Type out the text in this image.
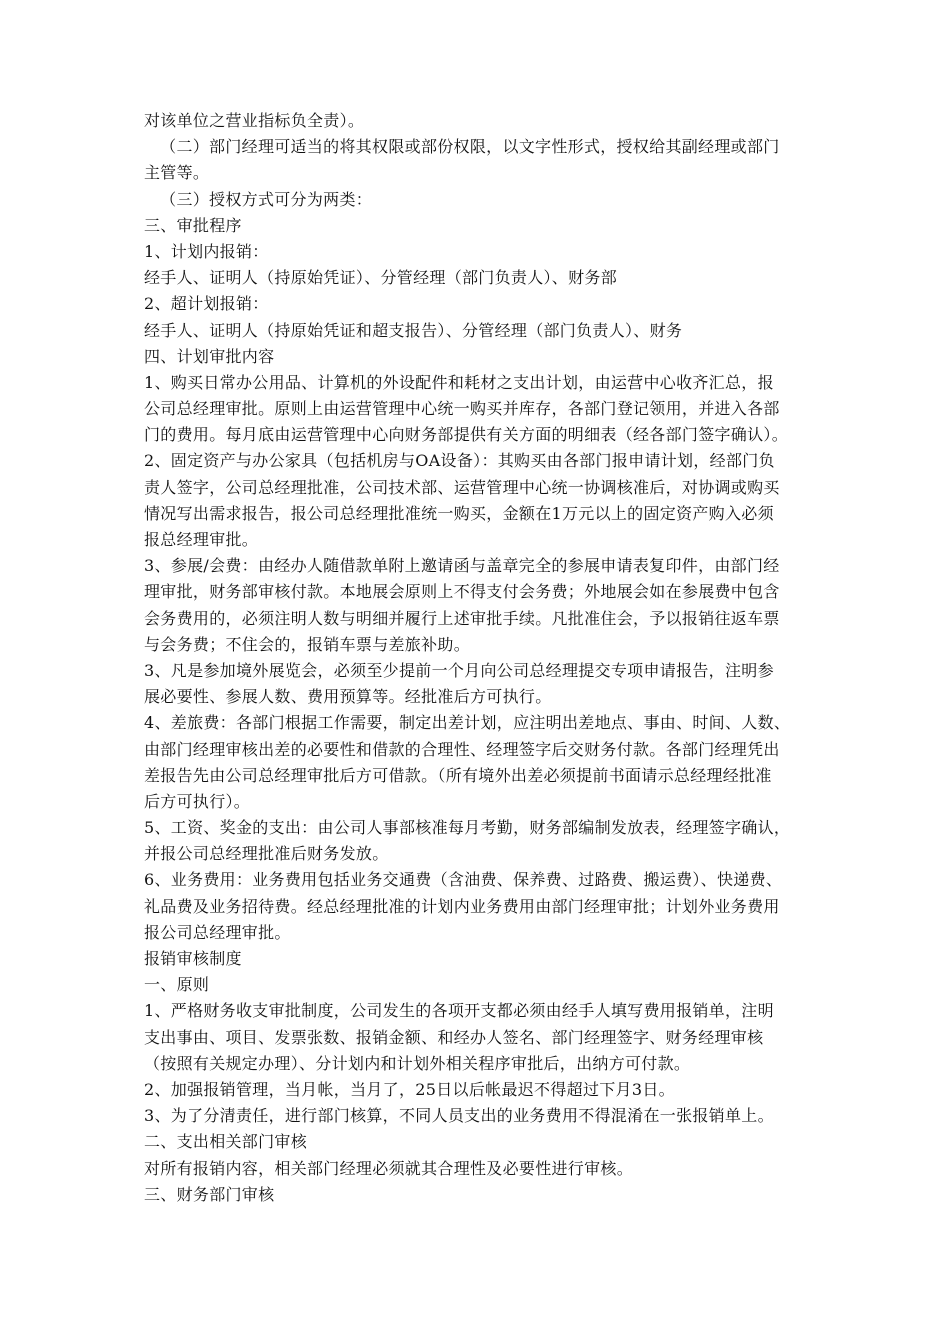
对该单位之营业指标负全责）。
（二）部门经理可适当的将其权限或部份权限，以文字性形式，授权给其副经理或部门
主管等。
（三）授权方式可分为两类：
三、审批程序
1、计划内报销：
经手人、证明人（持原始凭证）、分管经理（部门负责人）、财务部
2、超计划报销：
经手人、证明人（持原始凭证和超支报告）、分管经理（部门负责人）、财务
四、计划审批内容
1、购买日常办公用品、计算机的外设配件和耗材之支出计划，由运营中心收齐汇总，报
公司总经理审批。原则上由运营管理中心统一购买并库存，各部门登记领用，并进入各部
门的费用。每月底由运营管理中心向财务部提供有关方面的明细表（经各部门签字确认）。
2、固定资产与办公家具（包括机房与OA设备）：其购买由各部门报申请计划，经部门负
责人签字，公司总经理批准，公司技术部、运营管理中心统一协调核准后，对协调或购买
情况写出需求报告，报公司总经理批准统一购买，金额在1万元以上的固定资产购入必须
报总经理审批。
3、参展/会费：由经办人随借款单附上邀请函与盖章完全的参展申请表复印件，由部门经
理审批，财务部审核付款。本地展会原则上不得支付会务费；外地展会如在参展费中包含
会务费用的，必须注明人数与明细并履行上述审批手续。凡批准住会，予以报销往返车票
与会务费；不住会的，报销车票与差旅补助。
3、凡是参加境外展览会，必须至少提前一个月向公司总经理提交专项申请报告，注明参
展必要性、参展人数、费用预算等。经批准后方可执行。
4、差旅费：各部门根据工作需要，制定出差计划，应注明出差地点、事由、时间、人数、
由部门经理审核出差的必要性和借款的合理性、经理签字后交财务付款。各部门经理凭出
差报告先由公司总经理审批后方可借款。（所有境外出差必须提前书面请示总经理经批准
后方可执行）。
5、工资、奖金的支出：由公司人事部核准每月考勤，财务部编制发放表，经理签字确认，
并报公司总经理批准后财务发放。
6、业务费用：业务费用包括业务交通费（含油费、保养费、过路费、搬运费）、快递费、
礼品费及业务招待费。经总经理批准的计划内业务费用由部门经理审批；计划外业务费用
报公司总经理审批。
报销审核制度
一、原则
1、严格财务收支审批制度，公司发生的各项开支都必须由经手人填写费用报销单，注明
支出事由、项目、发票张数、报销金额、和经办人签名、部门经理签字、财务经理审核
（按照有关规定办理）、分计划内和计划外相关程序审批后，出纳方可付款。
2、加强报销管理，当月帐，当月了，25日以后帐最迟不得超过下月3日。
3、为了分清责任，进行部门核算，不同人员支出的业务费用不得混淆在一张报销单上。
二、支出相关部门审核
对所有报销内容，相关部门经理必须就其合理性及必要性进行审核。
三、财务部门审核
